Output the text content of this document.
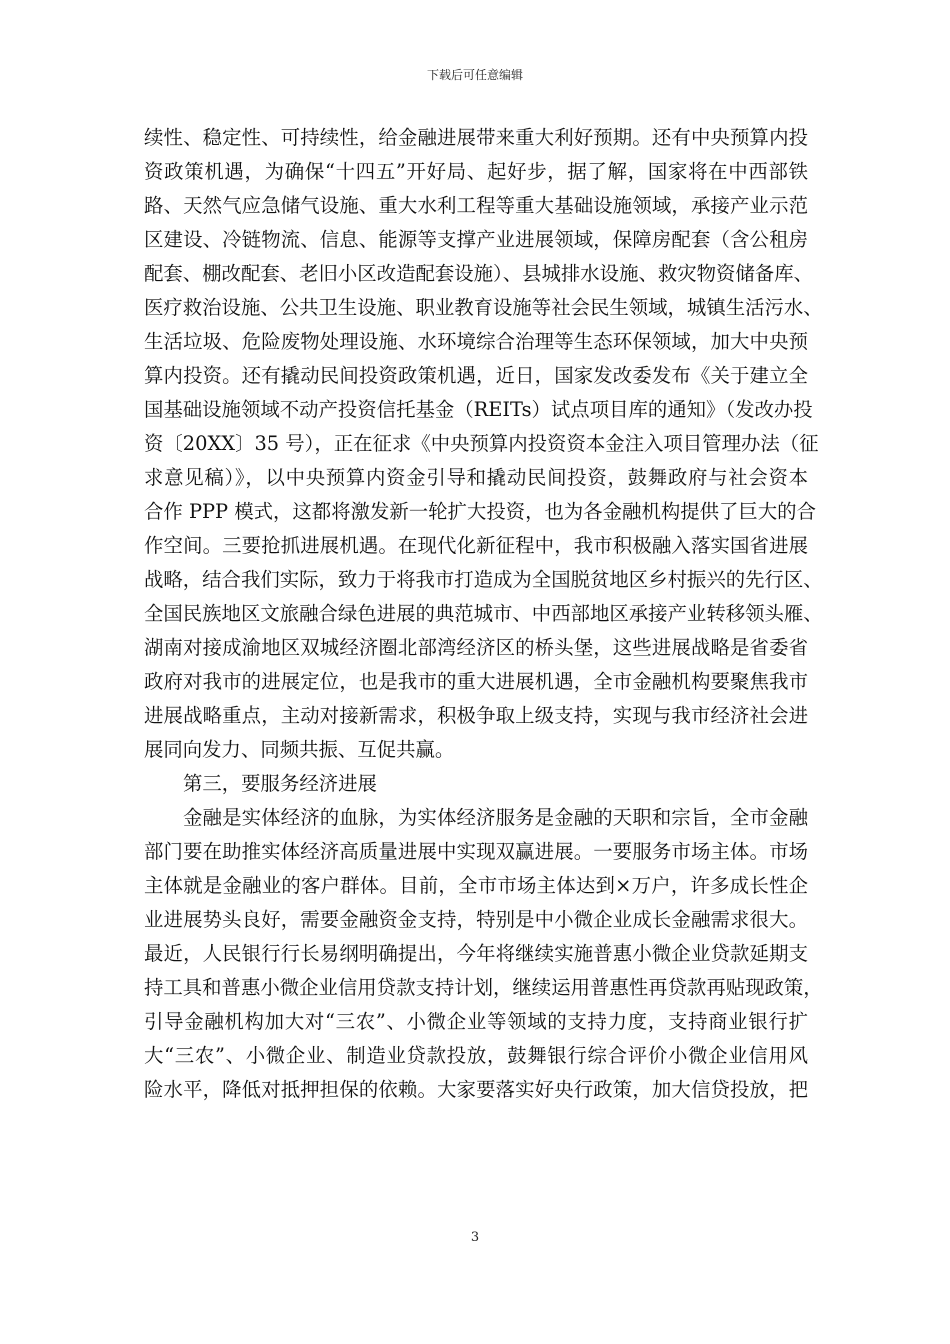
下载后可任意编辑
续性、稳定性、可持续性，给金融进展带来重大利好预期。还有中央预算内投
资政策机遇，为确保“十四五”开好局、起好步，据了解，国家将在中西部铁
路、天然气应急储气设施、重大水利工程等重大基础设施领域，承接产业示范
区建设、冷链物流、信息、能源等支撑产业进展领域，保障房配套（含公租房
配套、棚改配套、老旧小区改造配套设施）、县城排水设施、救灾物资储备库、
医疗救治设施、公共卫生设施、职业教育设施等社会民生领域，城镇生活污水、
生活垃圾、危险废物处理设施、水环境综合治理等生态环保领域，加大中央预
算内投资。还有撬动民间投资政策机遇，近日，国家发改委发布《关于建立全
国基础设施领域不动产投资信托基金（REITs）试点项目库的通知》（发改办投
资〔20XX〕35 号），正在征求《中央预算内投资资本金注入项目管理办法（征
求意见稿）》，以中央预算内资金引导和撬动民间投资，鼓舞政府与社会资本
合作 PPP 模式，这都将激发新一轮扩大投资，也为各金融机构提供了巨大的合
作空间。三要抢抓进展机遇。在现代化新征程中，我市积极融入落实国省进展
战略，结合我们实际，致力于将我市打造成为全国脱贫地区乡村振兴的先行区、
全国民族地区文旅融合绿色进展的典范城市、中西部地区承接产业转移领头雁、
湖南对接成渝地区双城经济圈北部湾经济区的桥头堡，这些进展战略是省委省
政府对我市的进展定位，也是我市的重大进展机遇，全市金融机构要聚焦我市
进展战略重点，主动对接新需求，积极争取上级支持，实现与我市经济社会进
展同向发力、同频共振、互促共赢。
第三，要服务经济进展
金融是实体经济的血脉，为实体经济服务是金融的天职和宗旨，全市金融
部门要在助推实体经济高质量进展中实现双赢进展。一要服务市场主体。市场
主体就是金融业的客户群体。目前，全市市场主体达到×万户，许多成长性企
业进展势头良好，需要金融资金支持，特别是中小微企业成长金融需求很大。
最近，人民银行行长易纲明确提出，今年将继续实施普惠小微企业贷款延期支
持工具和普惠小微企业信用贷款支持计划，继续运用普惠性再贷款再贴现政策，
引导金融机构加大对“三农”、小微企业等领域的支持力度，支持商业银行扩
大“三农”、小微企业、制造业贷款投放，鼓舞银行综合评价小微企业信用风
险水平，降低对抵押担保的依赖。大家要落实好央行政策，加大信贷投放，把
3
